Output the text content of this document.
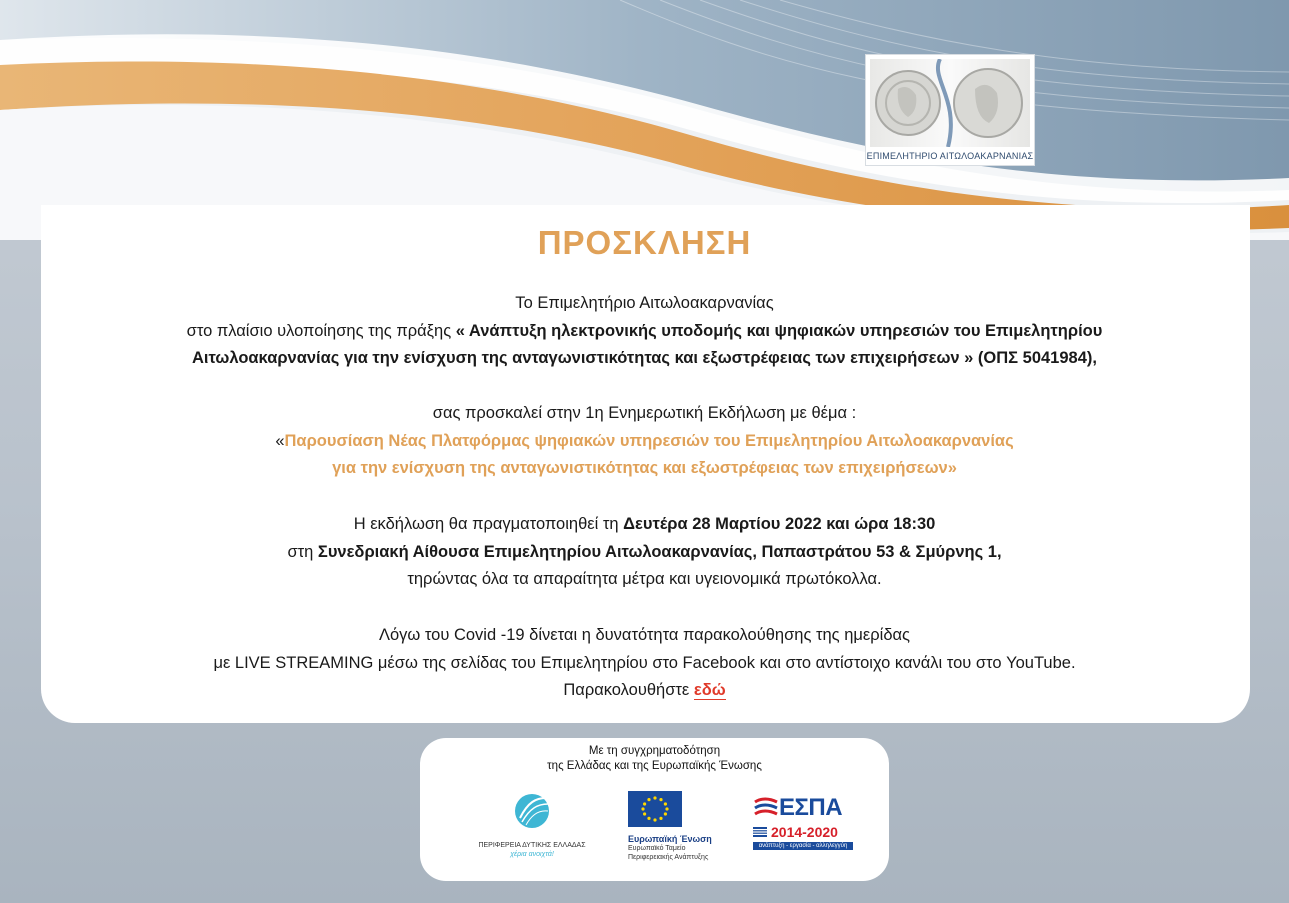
ΕΠΙΜΕΛΗΤΗΡΙΟ ΑΙΤΩΛΟΑΚΑΡΝΑΝΙΑΣ
ΠΡΟΣΚΛΗΣΗ
Το Επιμελητήριο Αιτωλοακαρνανίας
στο πλαίσιο υλοποίησης της πράξης « Ανάπτυξη ηλεκτρονικής υποδομής και ψηφιακών υπηρεσιών του Επιμελητηρίου
Αιτωλοακαρνανίας για την ενίσχυση της ανταγωνιστικότητας και εξωστρέφειας των επιχειρήσεων » (ΟΠΣ 5041984),
σας προσκαλεί στην 1η Ενημερωτική Εκδήλωση με θέμα :
«Παρουσίαση Νέας Πλατφόρμας ψηφιακών υπηρεσιών του Επιμελητηρίου Αιτωλοακαρνανίας
για την ενίσχυση της ανταγωνιστικότητας και εξωστρέφειας των επιχειρήσεων»
Η εκδήλωση θα πραγματοποιηθεί τη Δευτέρα 28 Μαρτίου 2022 και ώρα 18:30
στη Συνεδριακή Αίθουσα Επιμελητηρίου Αιτωλοακαρνανίας, Παπαστράτου 53 & Σμύρνης 1,
τηρώντας όλα τα απαραίτητα μέτρα και υγειονομικά πρωτόκολλα.
Λόγω του Covid -19 δίνεται η δυνατότητα παρακολούθησης της ημερίδας
με LIVE STREAMING μέσω της σελίδας του Επιμελητηρίου στο Facebook και στο αντίστοιχο κανάλι του στο YouTube.
Παρακολουθήστε εδώ
Με τη συγχρηματοδότηση
της Ελλάδας και της Ευρωπαϊκής Ένωσης
ΠΕΡΙΦΕΡΕΙΑ ΔΥΤΙΚΗΣ ΕΛΛΑΔΑΣ
χέρια ανοιχτά!
Ευρωπαϊκή Ένωση
Ευρωπαϊκό Ταμείο
Περιφερειακής Ανάπτυξης
ΕΣΠΑ
2014-2020
ανάπτυξη - εργασία - αλληλεγγύη
